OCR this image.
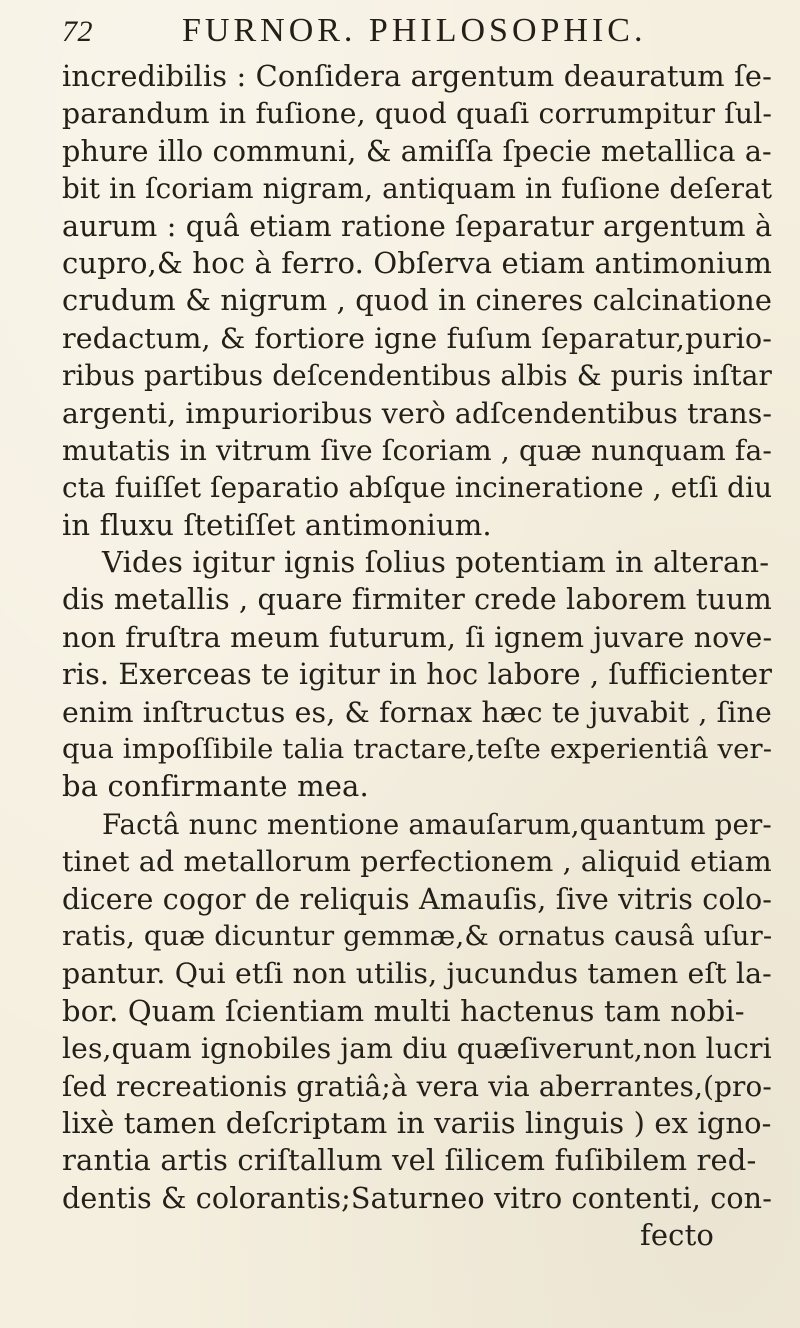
72	FURNOR. PHILOSOPHIC.
incredibilis : Conſidera argentum deauratum ſe-
parandum in fuſione, quod quaſi corrumpitur ſul-
phure illo communi, & amiſſa ſpecie metallica a-
bit in ſcoriam nigram, antiquam in fuſione deſerat
aurum : quâ etiam ratione ſeparatur argentum à
cupro,& hoc à ferro. Obſerva etiam antimonium
crudum & nigrum , quod in cineres calcinatione
redactum, & fortiore igne fuſum ſeparatur,purio-
ribus partibus deſcendentibus albis & puris inſtar
argenti, impurioribus verò adſcendentibus trans-
mutatis in vitrum ſive ſcoriam , quæ nunquam fa-
cta fuiſſet ſeparatio abſque incineratione , etſi diu
in fluxu ſtetiſſet antimonium.
Vides igitur ignis ſolius potentiam in alteran-
dis metallis , quare firmiter crede laborem tuum
non fruſtra meum futurum, ſi ignem juvare nove-
ris. Exerceas te igitur in hoc labore , ſufficienter
enim inſtructus es, & fornax hæc te juvabit , ſine
qua impoſſibile talia tractare,teſte experientiâ ver-
ba confirmante mea.
Factâ nunc mentione amauſarum,quantum per-
tinet ad metallorum perfectionem , aliquid etiam
dicere cogor de reliquis Amauſis, ſive vitris colo-
ratis, quæ dicuntur gemmæ,& ornatus causâ uſur-
pantur. Qui etſi non utilis, jucundus tamen eſt la-
bor. Quam ſcientiam multi hactenus tam nobi-
les,quam ignobiles jam diu quæſiverunt,non lucri
ſed recreationis gratiâ;à vera via aberrantes,(pro-
lixè tamen deſcriptam in variis linguis ) ex igno-
rantia artis criſtallum vel ſilicem fuſibilem red-
dentis & colorantis;Saturneo vitro contenti, con-
fecto
